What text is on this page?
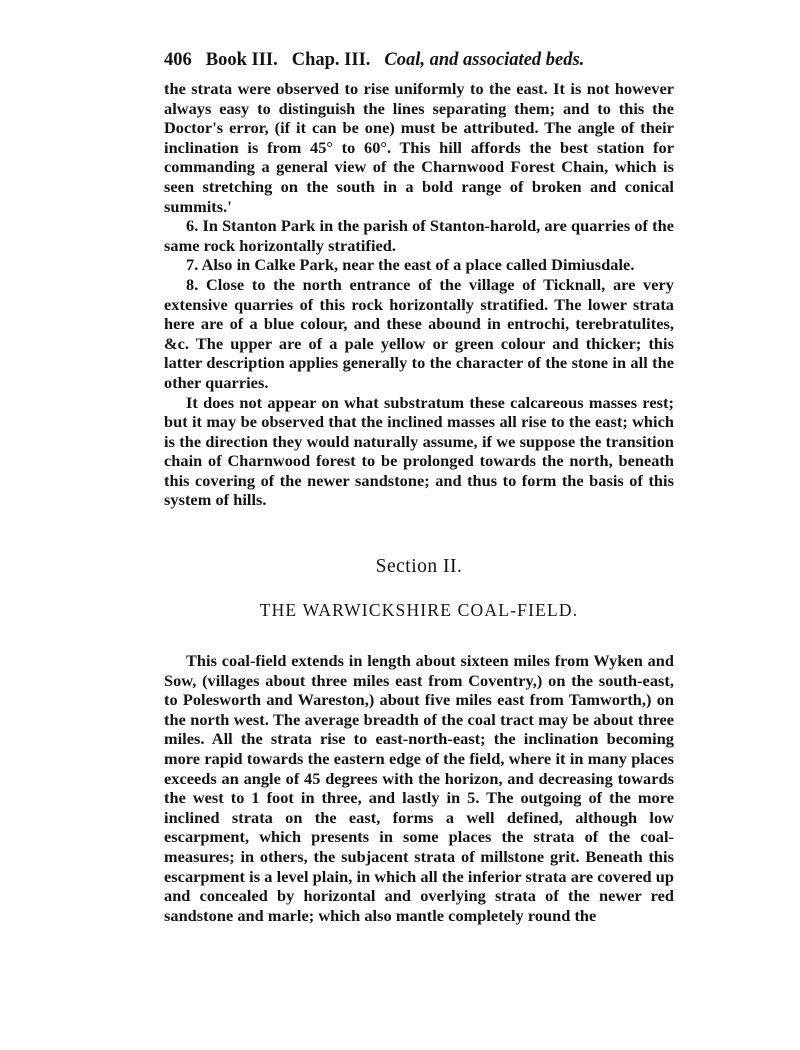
406 Book III. Chap. III. Coal, and associated beds.

the strata were observed to rise uniformly to the east. It is not however always easy to distinguish the lines separating them; and to this the Doctor's error, (if it can be one) must be attributed. The angle of their inclination is from 45° to 60°. This hill affords the best station for commanding a general view of the Charnwood Forest Chain, which is seen stretching on the south in a bold range of broken and conical summits.'

6. In Stanton Park in the parish of Stanton-harold, are quarries of the same rock horizontally stratified.

7. Also in Calke Park, near the east of a place called Dimiusdale.

8. Close to the north entrance of the village of Ticknall, are very extensive quarries of this rock horizontally stratified. The lower strata here are of a blue colour, and these abound in entrochi, terebratulites, &c. The upper are of a pale yellow or green colour and thicker; this latter description applies generally to the character of the stone in all the other quarries.

It does not appear on what substratum these calcareous masses rest; but it may be observed that the inclined masses all rise to the east; which is the direction they would naturally assume, if we suppose the transition chain of Charnwood forest to be prolonged towards the north, beneath this covering of the newer sandstone; and thus to form the basis of this system of hills.

Section II.
THE WARWICKSHIRE COAL-FIELD.

This coal-field extends in length about sixteen miles from Wyken and Sow, (villages about three miles east from Coventry,) on the south-east, to Polesworth and Wareston,) about five miles east from Tamworth,) on the north west. The average breadth of the coal tract may be about three miles. All the strata rise to east-north-east; the inclination becoming more rapid towards the eastern edge of the field, where it in many places exceeds an angle of 45 degrees with the horizon, and decreasing towards the west to 1 foot in three, and lastly in 5. The outgoing of the more inclined strata on the east, forms a well defined, although low escarpment, which presents in some places the strata of the coal-measures; in others, the subjacent strata of millstone grit. Beneath this escarpment is a level plain, in which all the inferior strata are covered up and concealed by horizontal and overlying strata of the newer red sandstone and marle; which also mantle completely round the
